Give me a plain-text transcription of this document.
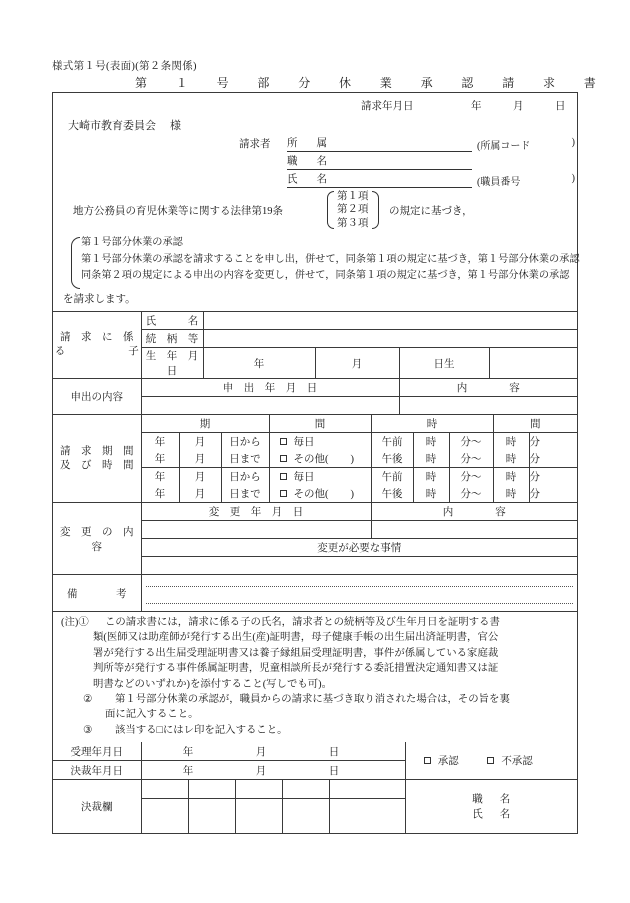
様式第１号(表面)(第２条関係)
第　１　号　部　分　休　業　承　認　請　求　書
請求年月日	年	月	日
大崎市教育委員会 様
請求者 所 属	(所属コード	)
職 名
氏 名	(職員番号	)
地方公務員の育児休業等に関する法律第19条
第１項
第２項
第３項
の規定に基づき，
第１号部分休業の承認
第１号部分休業の承認を請求することを申し出，併せて，同条第１項の規定に基づき，第１号部分休業の承認
同条第２項の規定による申出の内容を変更し，併せて，同条第１項の規定に基づき，第１号部分休業の承認
を請求します。
請　求　に　係
る　　　　　　子	氏　　　名				
	続　柄　等				
	生　年　月　日	年	月	日生	
申出の内容	申　出　年　月　日			内　　　　容	

請　求　期　間
及　び　時　間	期			間	時			間	
	年	月	日から	毎日	午前	時	分〜	時	分
	年	月	日まで	その他( )	午後	時	分〜	時	分
	年	月	日から	毎日	午前	時	分〜	時	分
	年	月	日まで	その他( )	午後	時	分〜	時	分
変　更　の　内　容	変　更　年　月　日	内　　　　容

	変更が必要な事情	

備	考

(注)①	この請求書には，請求に係る子の氏名，請求者との続柄等及び生年月日を証明する書

類(医師又は助産師が発行する出生(産)証明書，母子健康手帳の出生届出済証明書，官公

署が発行する出生届受理証明書又は養子縁組届受理証明書，事件が係属している家庭裁

判所等が発行する事件係属証明書，児童相談所長が発行する委託措置決定通知書又は証

明書などのいずれか)を添付すること(写しでも可)。

②	第１号部分休業の承認が，職員からの請求に基づき取り消された場合は，その旨を裏

面に記入すること。

③	該当する□にはレ印を記入すること。

受理年月日	年 月 日					承認 不承認
決裁年月日	年 月 日					

決裁欄						職 名
氏 名
